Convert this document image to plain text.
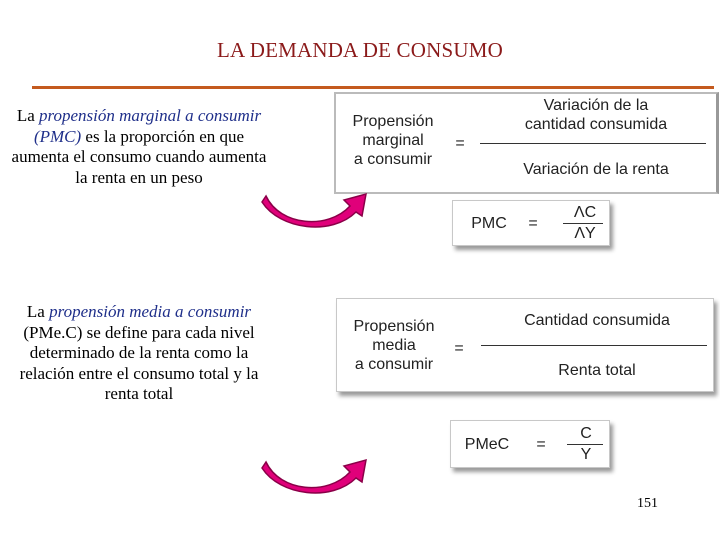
LA DEMANDA DE CONSUMO
La propensión marginal a consumir (PMC) es la proporción en que aumenta el consumo cuando aumenta la renta en un peso
Propensión
marginal
a consumir
=
Variación de la
cantidad consumida
Variación de la renta
PMC	=
ΛC
ΛY
La propensión media a consumir (PMe.C) se define para cada nivel determinado de la renta como la relación entre el consumo total y la renta total
Propensión
media
a consumir
=
Cantidad consumida
Renta total
PMeC	=
C
Y
151
